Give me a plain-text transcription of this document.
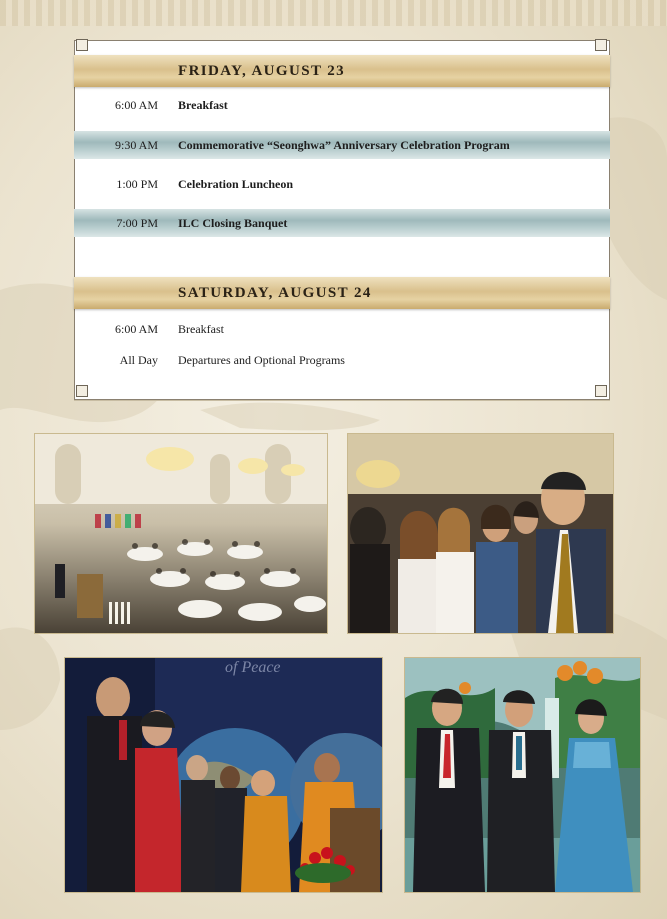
FRIDAY, AUGUST 23
6:00 AM Breakfast
9:30 AM Commemorative “Seonghwa” Anniversary Celebration Program
1:00 PM Celebration Luncheon
7:00 PM ILC Closing Banquet
SATURDAY, AUGUST 24
6:00 AM Breakfast
All Day Departures and Optional Programs
of Peace
